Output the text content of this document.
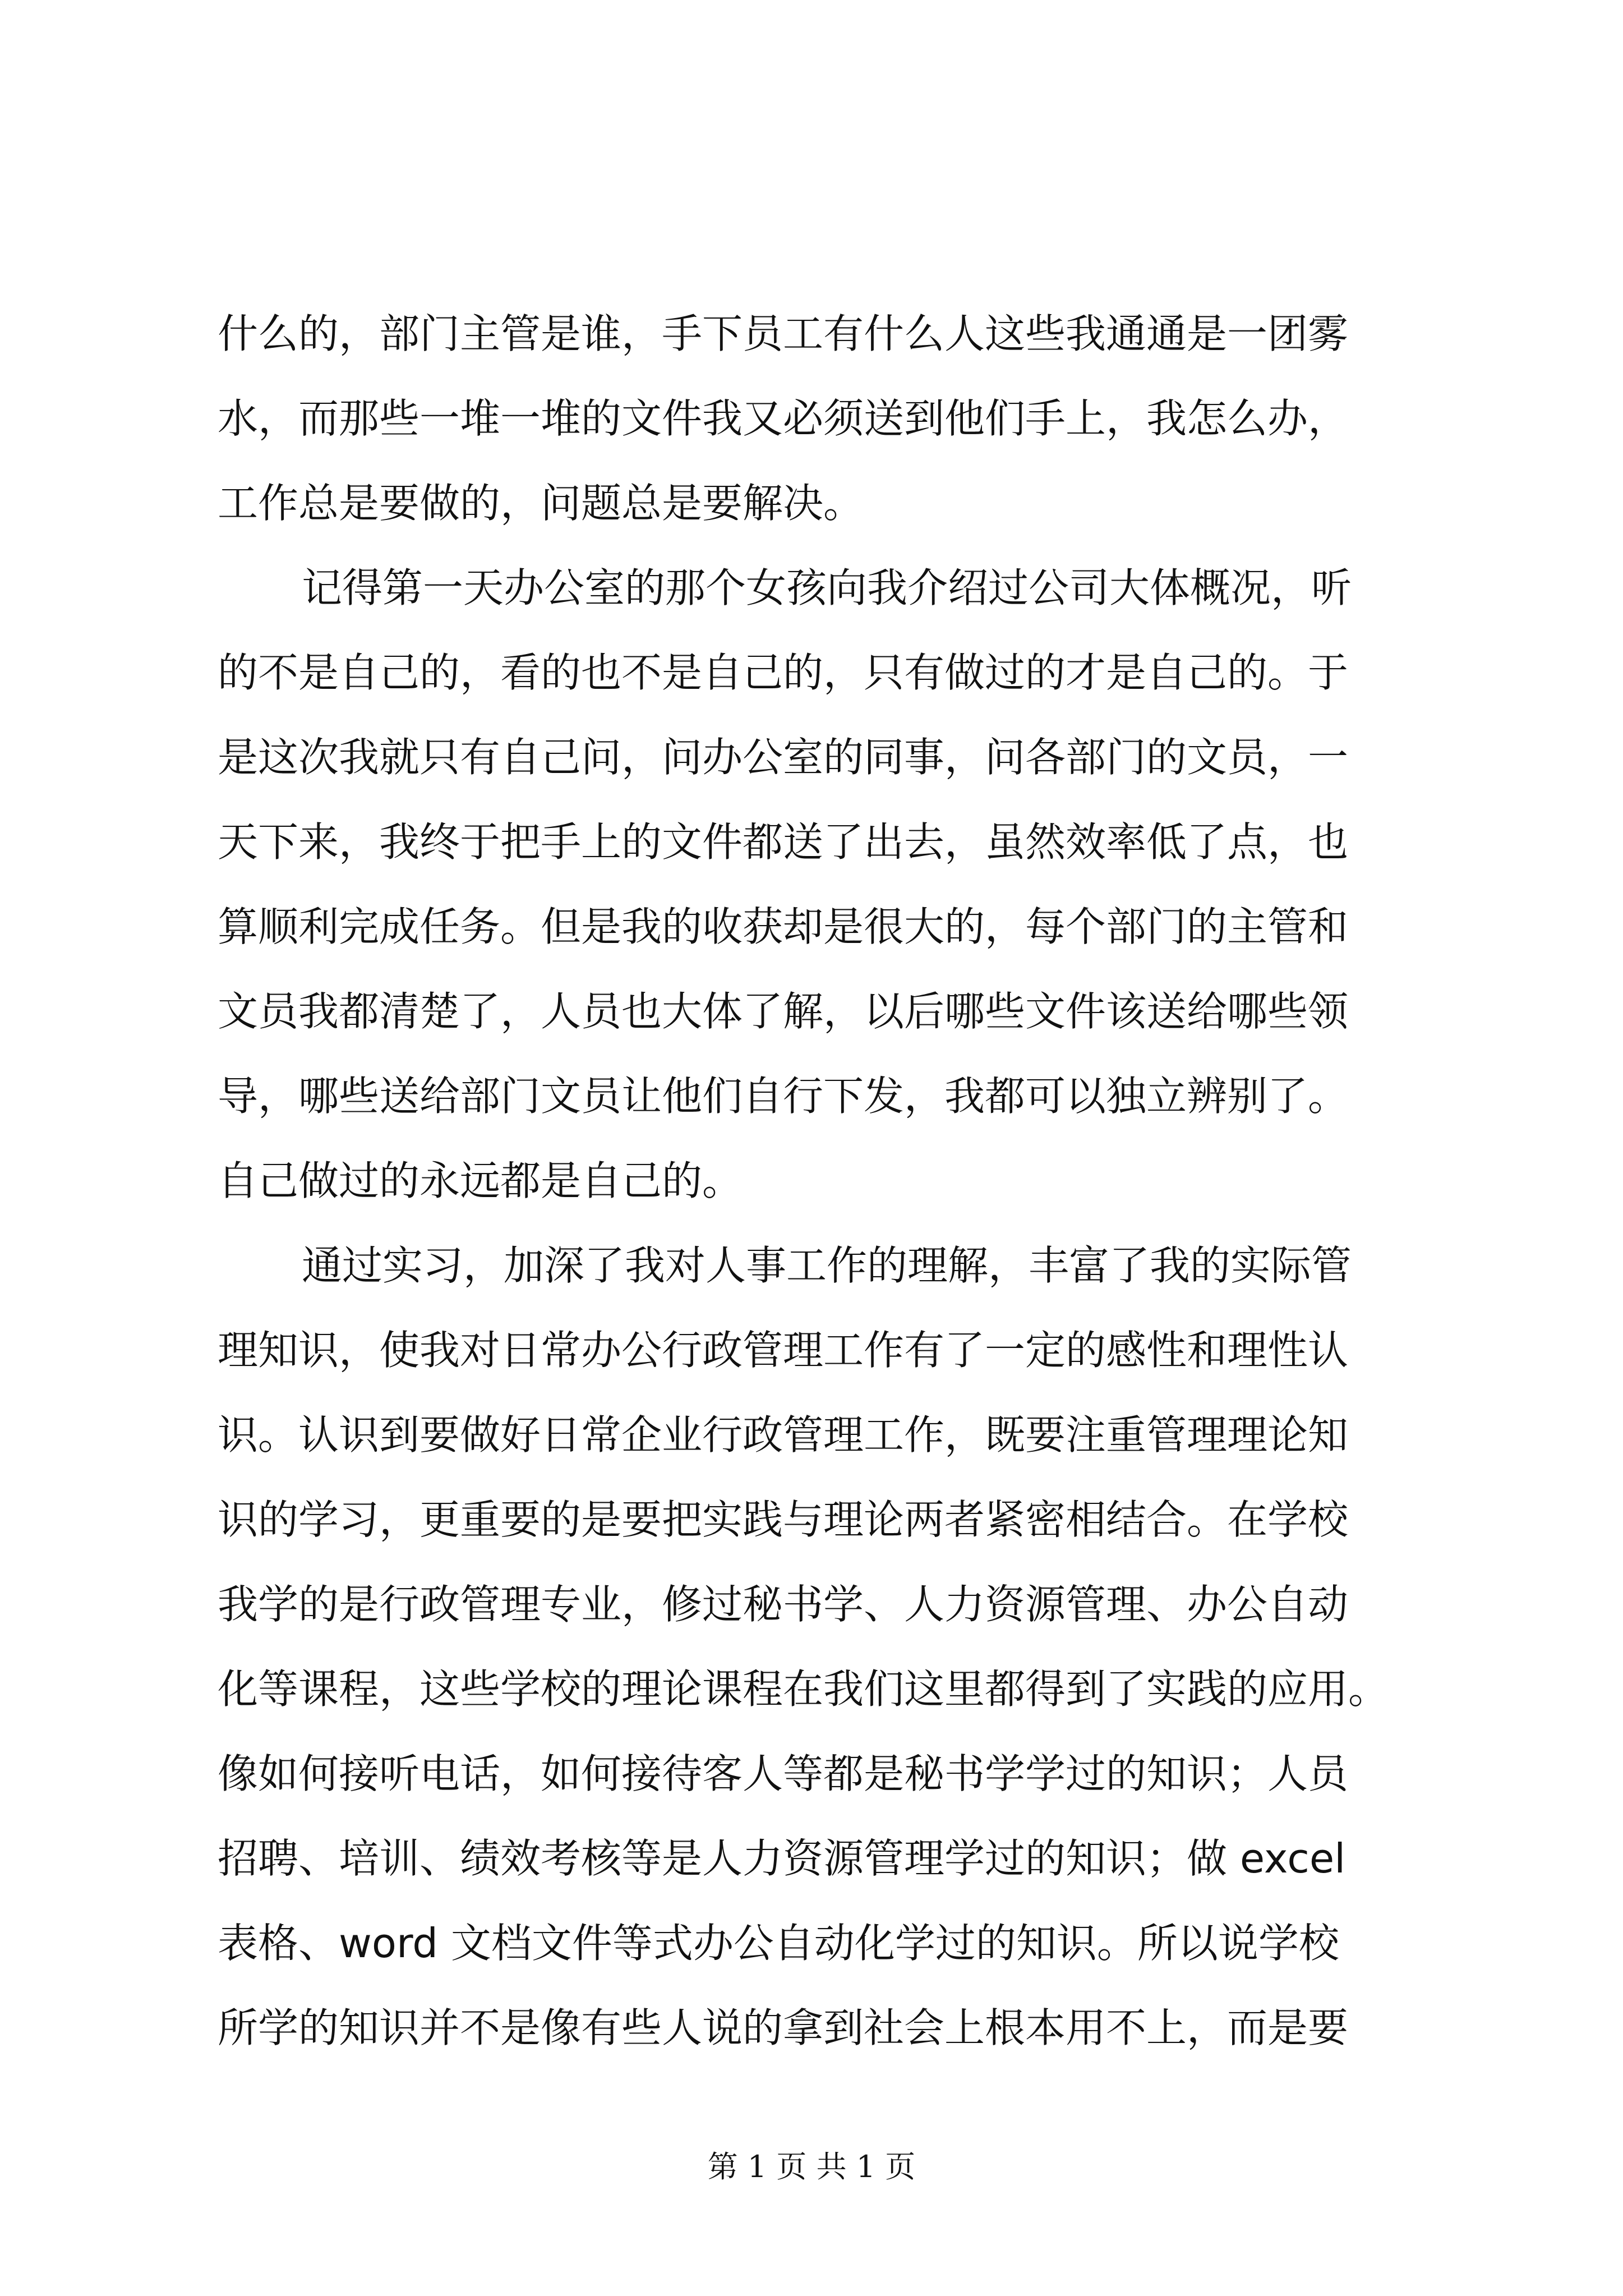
什么的，部门主管是谁，手下员工有什么人这些我通通是一团雾
水，而那些一堆一堆的文件我又必须送到他们手上，我怎么办，
工作总是要做的，问题总是要解决。
记得第一天办公室的那个女孩向我介绍过公司大体概况，听
的不是自己的，看的也不是自己的，只有做过的才是自己的。于
是这次我就只有自己问，问办公室的同事，问各部门的文员，一
天下来，我终于把手上的文件都送了出去，虽然效率低了点，也
算顺利完成任务。但是我的收获却是很大的，每个部门的主管和
文员我都清楚了，人员也大体了解，以后哪些文件该送给哪些领
导，哪些送给部门文员让他们自行下发，我都可以独立辨别了。
自己做过的永远都是自己的。
通过实习，加深了我对人事工作的理解，丰富了我的实际管
理知识，使我对日常办公行政管理工作有了一定的感性和理性认
识。认识到要做好日常企业行政管理工作，既要注重管理理论知
识的学习，更重要的是要把实践与理论两者紧密相结合。在学校
我学的是行政管理专业，修过秘书学、人力资源管理、办公自动
化等课程，这些学校的理论课程在我们这里都得到了实践的应用。
像如何接听电话，如何接待客人等都是秘书学学过的知识；人员
招聘、培训、绩效考核等是人力资源管理学过的知识；做 excel
表格、word 文档文件等式办公自动化学过的知识。所以说学校
所学的知识并不是像有些人说的拿到社会上根本用不上，而是要
第 1 页 共 1 页
